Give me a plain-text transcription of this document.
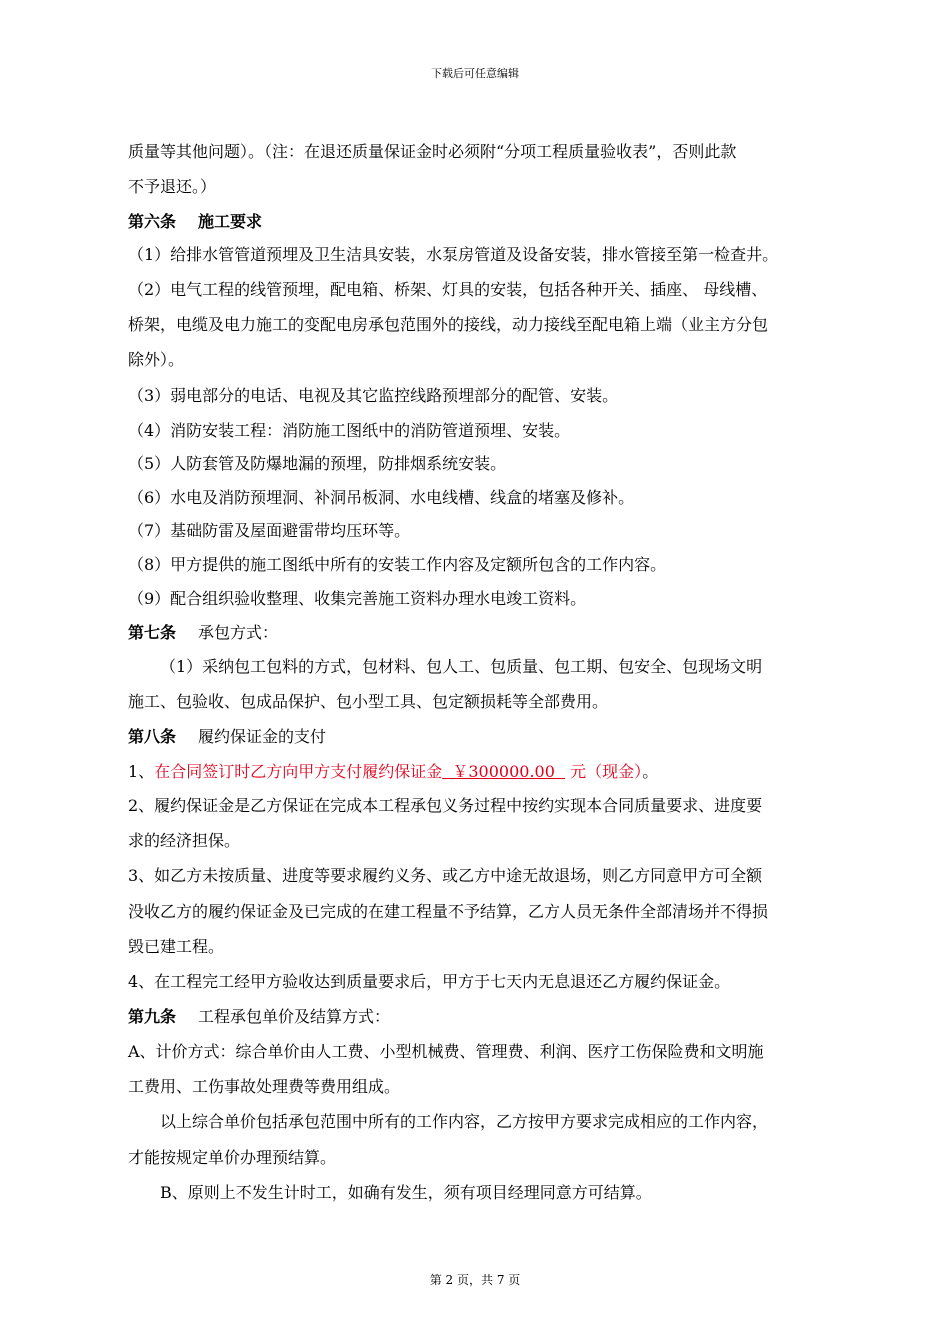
下载后可任意编辑
质量等其他问题）。（注：在退还质量保证金时必须附“分项工程质量验收表”，否则此款
不予退还。）
第六条 施工要求
（1）给排水管管道预埋及卫生洁具安装，水泵房管道及设备安装，排水管接至第一检查井。
（2）电气工程的线管预埋，配电箱、桥架、灯具的安装，包括各种开关、插座、 母线槽、
桥架，电缆及电力施工的变配电房承包范围外的接线，动力接线至配电箱上端（业主方分包
除外）。
（3）弱电部分的电话、电视及其它监控线路预埋部分的配管、安装。
（4）消防安装工程：消防施工图纸中的消防管道预埋、安装。
（5）人防套管及防爆地漏的预埋，防排烟系统安装。
（6）水电及消防预埋洞、补洞吊板洞、水电线槽、线盒的堵塞及修补。
（7）基础防雷及屋面避雷带均压环等。
（8）甲方提供的施工图纸中所有的安装工作内容及定额所包含的工作内容。
（9）配合组织验收整理、收集完善施工资料办理水电竣工资料。
第七条 承包方式：
（1）采纳包工包料的方式，包材料、包人工、包质量、包工期、包安全、包现场文明
施工、包验收、包成品保护、包小型工具、包定额损耗等全部费用。
第八条 履约保证金的支付
1、在合同签订时乙方向甲方支付履约保证金  ￥300000.00   元（现金）。
2、履约保证金是乙方保证在完成本工程承包义务过程中按约实现本合同质量要求、进度要
求的经济担保。
3、如乙方未按质量、进度等要求履约义务、或乙方中途无故退场，则乙方同意甲方可全额
没收乙方的履约保证金及已完成的在建工程量不予结算，乙方人员无条件全部清场并不得损
毁已建工程。
4、在工程完工经甲方验收达到质量要求后，甲方于七天内无息退还乙方履约保证金。
第九条 工程承包单价及结算方式：
A、计价方式：综合单价由人工费、小型机械费、管理费、利润、医疗工伤保险费和文明施
工费用、工伤事故处理费等费用组成。
以上综合单价包括承包范围中所有的工作内容，乙方按甲方要求完成相应的工作内容，
才能按规定单价办理预结算。
B、原则上不发生计时工，如确有发生，须有项目经理同意方可结算。
第 2 页，共 7 页
